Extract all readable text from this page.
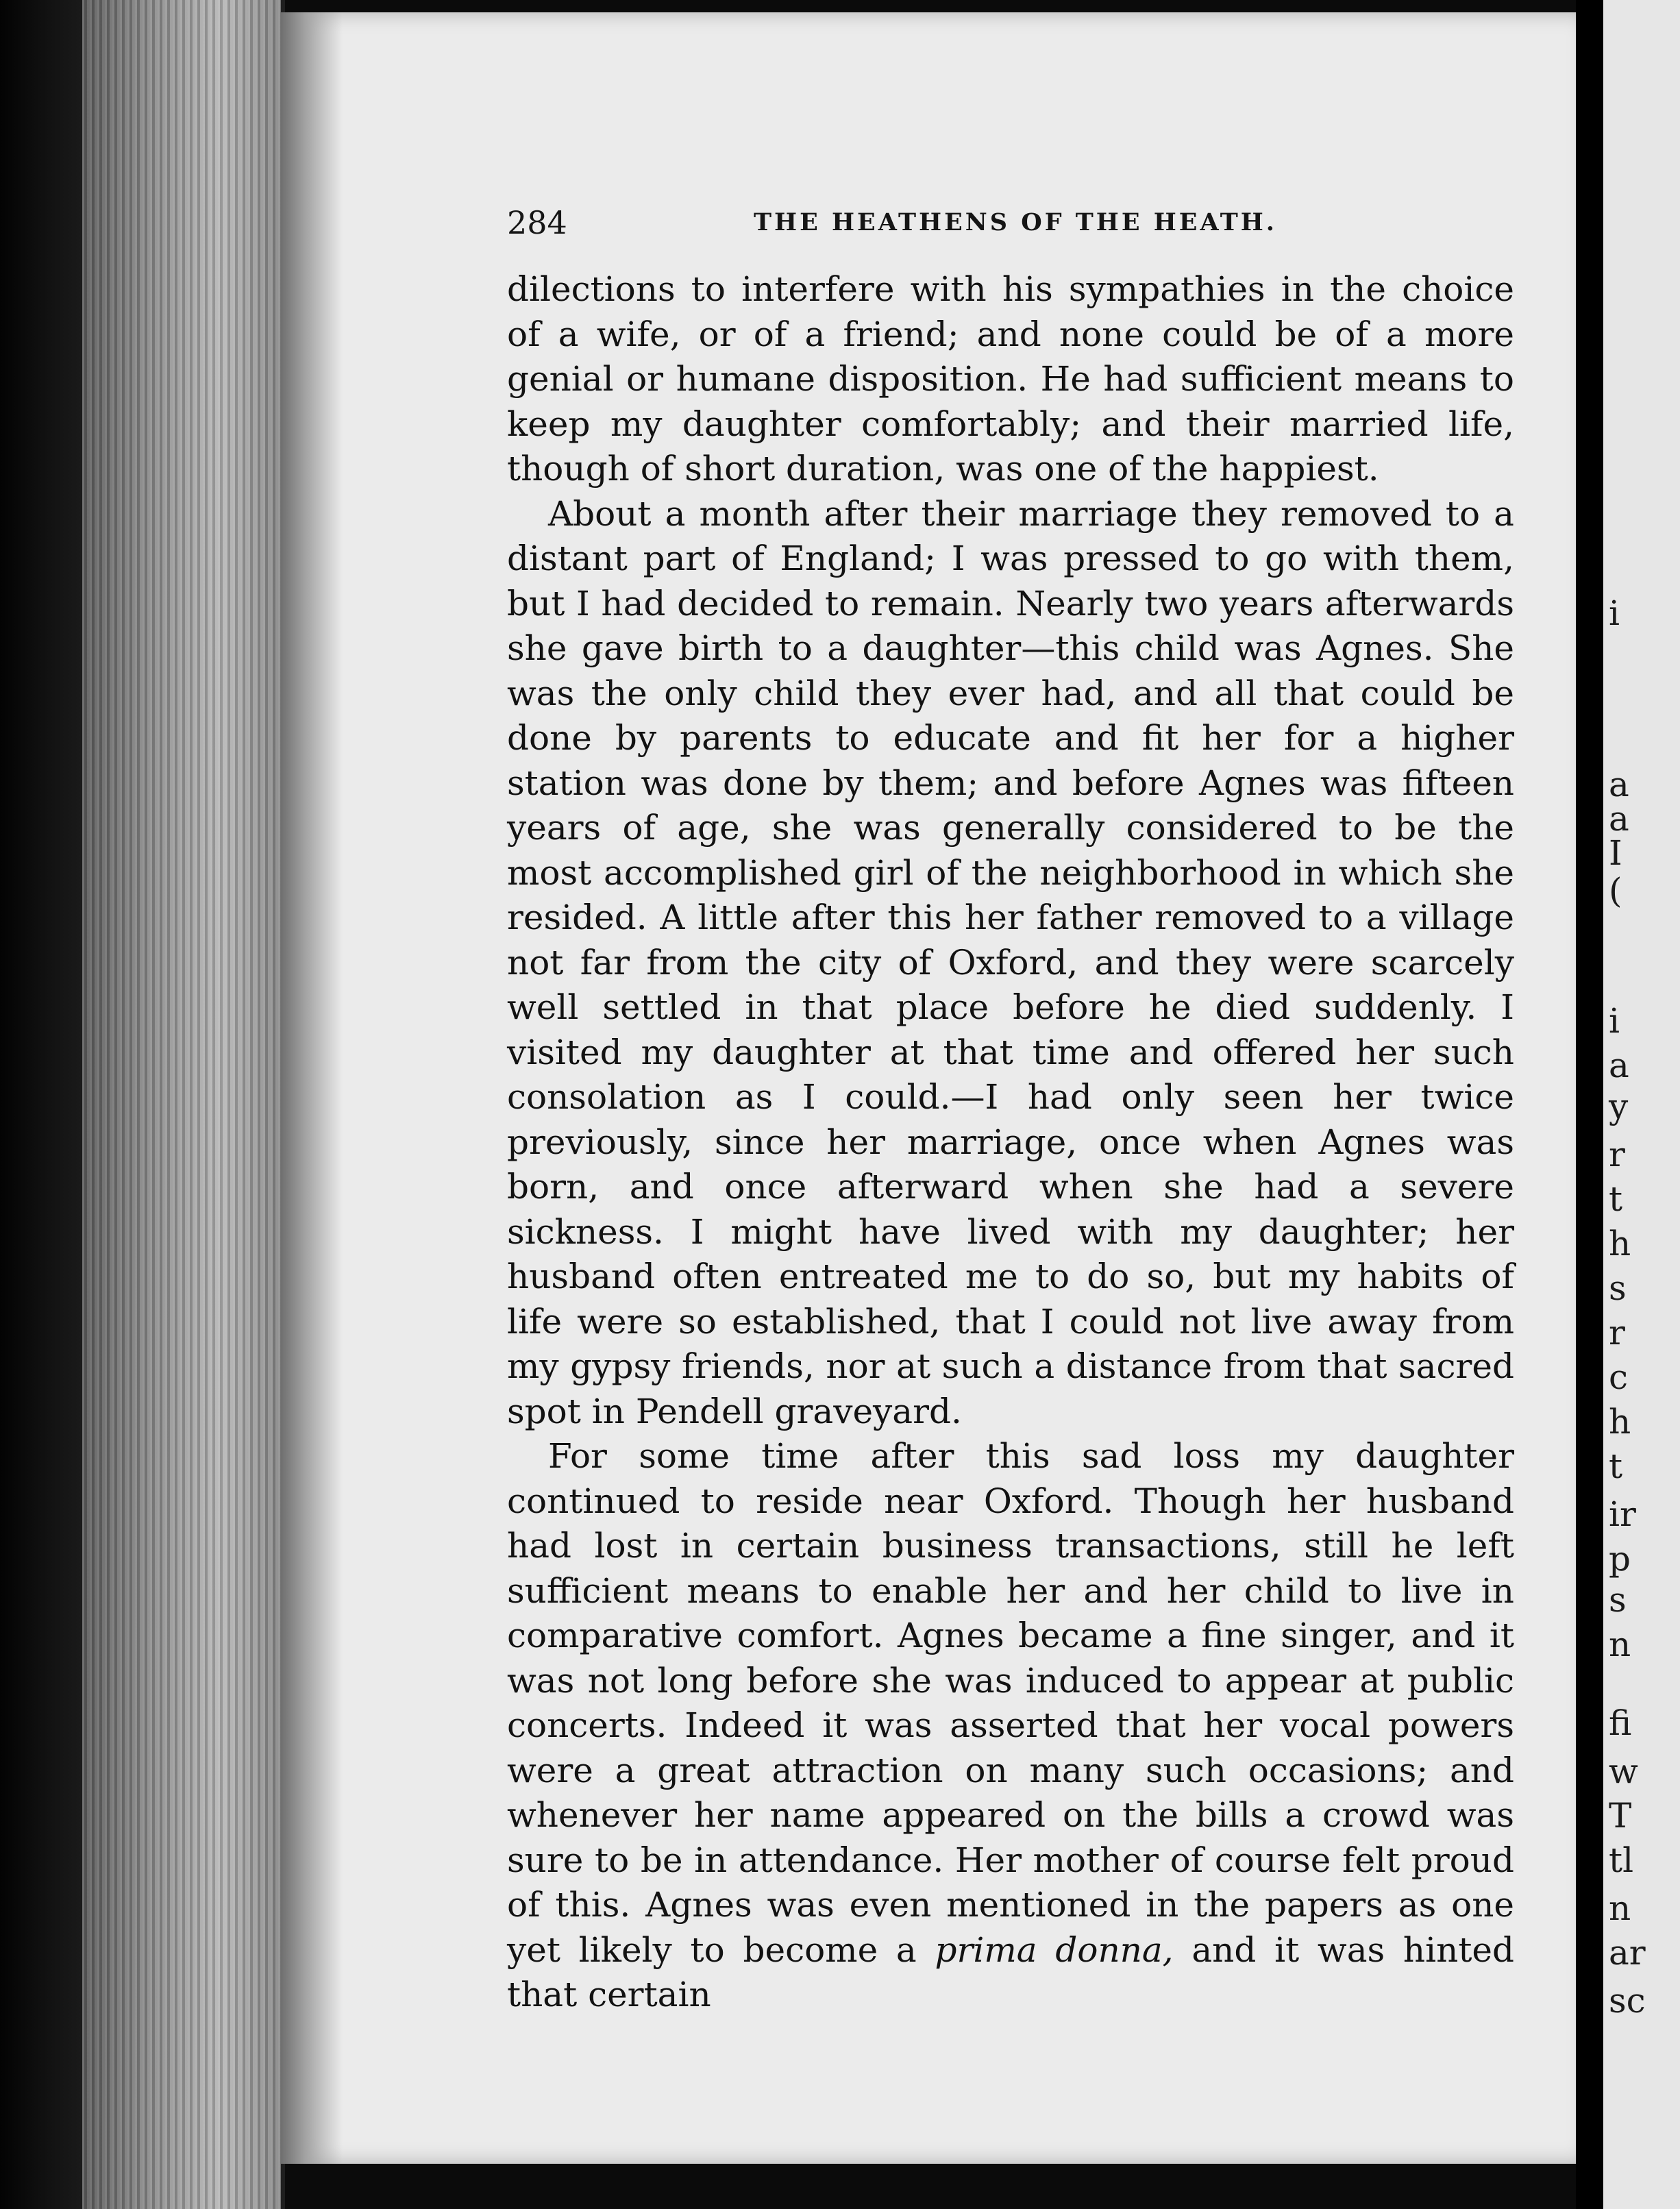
i
a
a
I
(
i
a
y
r
t
h
s
r
c
h
t
ir
p
s
n
fi
w
T
tl
n
ar
sc
284	THE HEATHENS OF THE HEATH.

dilections to interfere with his sympathies in the choice of a wife, or of a friend; and none could be of a more genial or humane disposition. He had sufficient means to keep my daughter comfortably; and their married life, though of short duration, was one of the happiest.

About a month after their marriage they removed to a distant part of England; I was pressed to go with them, but I had decided to remain. Nearly two years afterwards she gave birth to a daughter—this child was Agnes. She was the only child they ever had, and all that could be done by parents to educate and fit her for a higher station was done by them; and before Agnes was fifteen years of age, she was generally considered to be the most accomplished girl of the neighborhood in which she resided. A little after this her father removed to a village not far from the city of Oxford, and they were scarcely well settled in that place before he died suddenly. I visited my daughter at that time and offered her such consolation as I could.—I had only seen her twice previously, since her marriage, once when Agnes was born, and once afterward when she had a severe sickness. I might have lived with my daughter; her husband often entreated me to do so, but my habits of life were so established, that I could not live away from my gypsy friends, nor at such a distance from that sacred spot in Pendell graveyard.

For some time after this sad loss my daughter continued to reside near Oxford. Though her husband had lost in certain business transactions, still he left sufficient means to enable her and her child to live in comparative comfort. Agnes became a fine singer, and it was not long before she was induced to appear at public concerts. Indeed it was asserted that her vocal powers were a great attraction on many such occasions; and whenever her name appeared on the bills a crowd was sure to be in attendance. Her mother of course felt proud of this. Agnes was even mentioned in the papers as one yet likely to become a prima donna, and it was hinted that certain
